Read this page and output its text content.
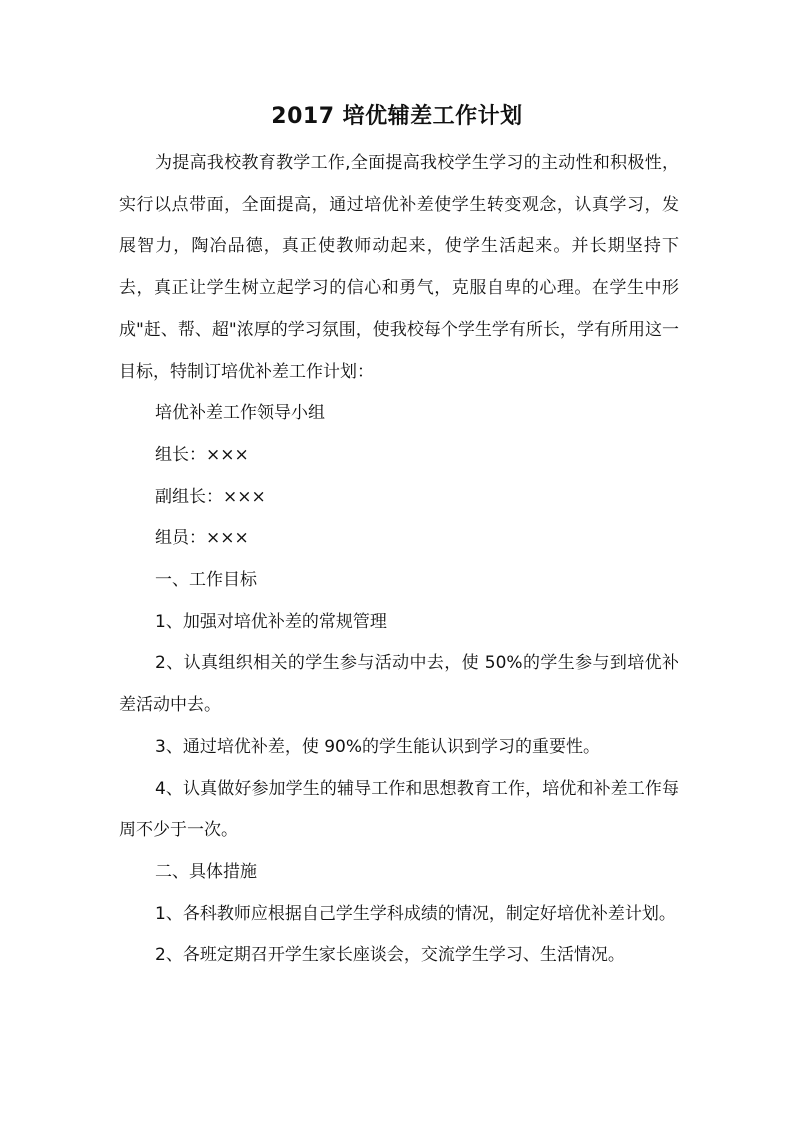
2017 培优辅差工作计划

为提高我校教育教学工作,全面提高我校学生学习的主动性和积极性，实行以点带面，全面提高，通过培优补差使学生转变观念，认真学习，发展智力，陶冶品德，真正使教师动起来，使学生活起来。并长期坚持下去，真正让学生树立起学习的信心和勇气，克服自卑的心理。在学生中形成"赶、帮、超"浓厚的学习氛围，使我校每个学生学有所长，学有所用这一目标，特制订培优补差工作计划：

培优补差工作领导小组

组长：×××

副组长：×××

组员：×××

一、工作目标

1、加强对培优补差的常规管理

2、认真组织相关的学生参与活动中去，使 50%的学生参与到培优补差活动中去。

3、通过培优补差，使 90%的学生能认识到学习的重要性。

4、认真做好参加学生的辅导工作和思想教育工作，培优和补差工作每周不少于一次。

二、具体措施

1、各科教师应根据自己学生学科成绩的情况，制定好培优补差计划。

2、各班定期召开学生家长座谈会，交流学生学习、生活情况。
